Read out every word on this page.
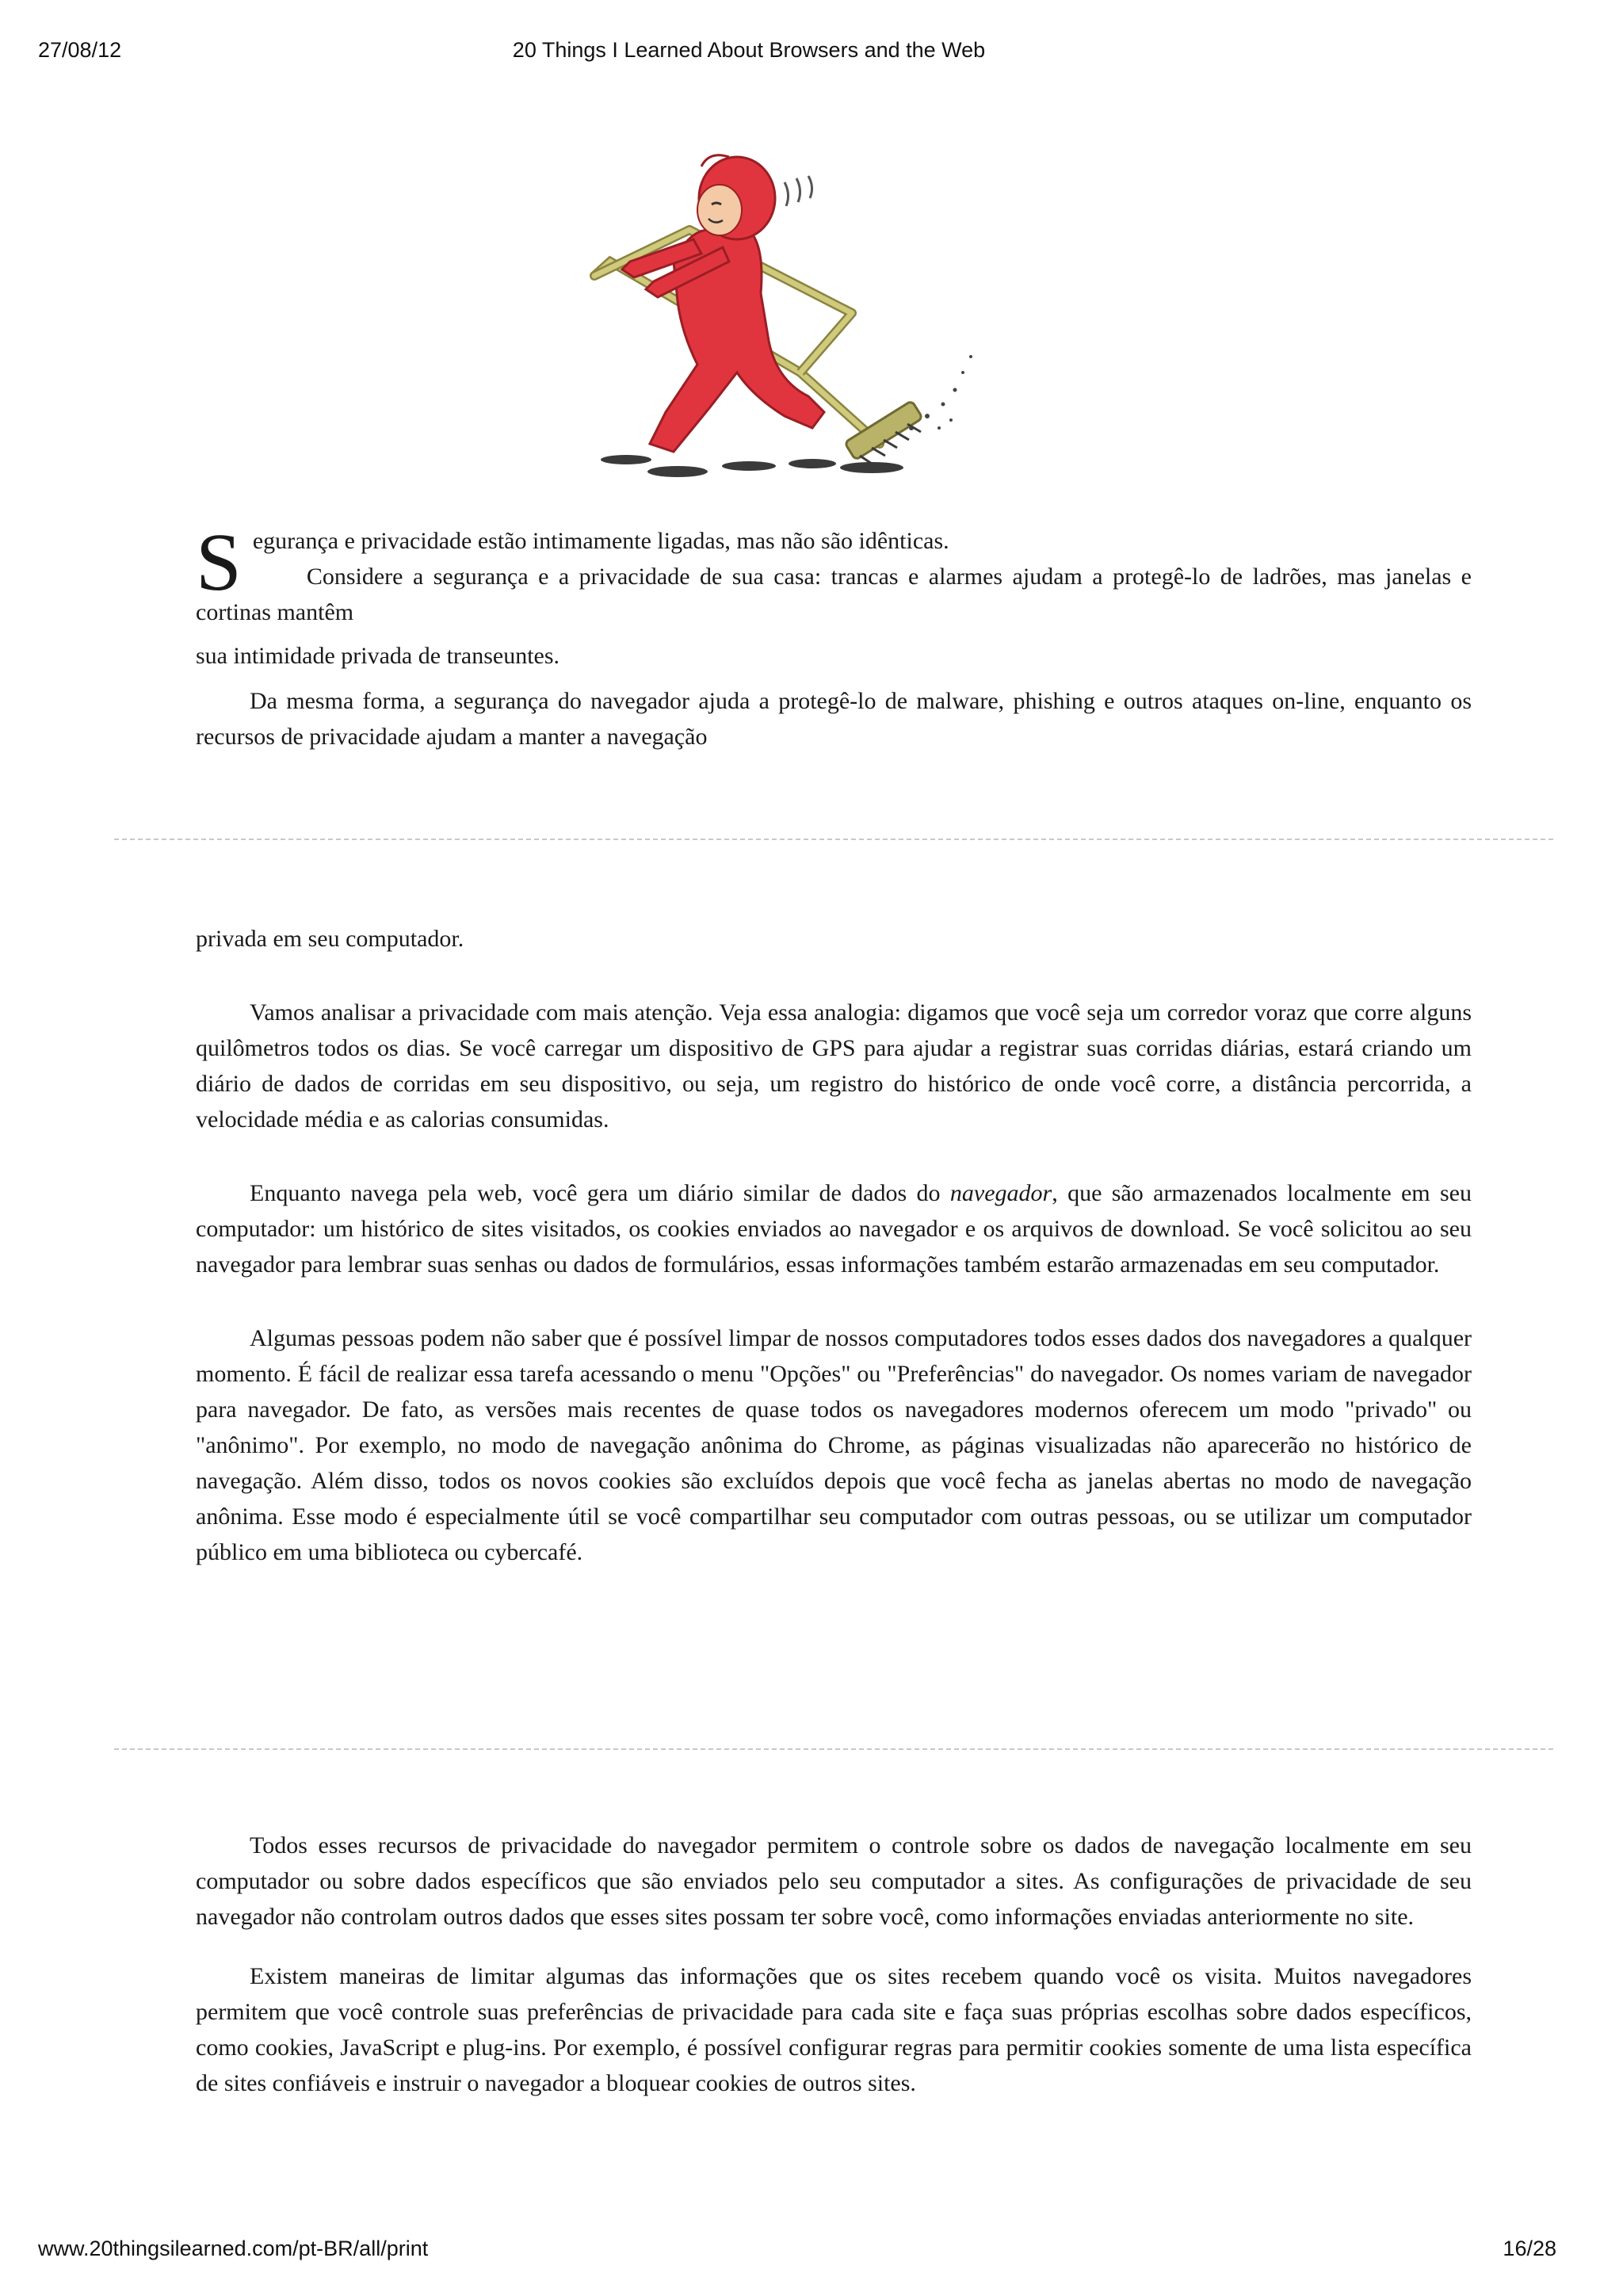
27/08/12	20 Things I Learned About Browsers and the Web

Segurança e privacidade estão intimamente ligadas, mas não são idênticas.

Considere a segurança e a privacidade de sua casa: trancas e alarmes ajudam a protegê-lo de ladrões, mas janelas e cortinas mantêm

sua intimidade privada de transeuntes.

Da mesma forma, a segurança do navegador ajuda a protegê-lo de malware, phishing e outros ataques on-line, enquanto os recursos de privacidade ajudam a manter a navegação

privada em seu computador.

Vamos analisar a privacidade com mais atenção. Veja essa analogia: digamos que você seja um corredor voraz que corre alguns quilômetros todos os dias. Se você carregar um dispositivo de GPS para ajudar a registrar suas corridas diárias, estará criando um diário de dados de corridas em seu dispositivo, ou seja, um registro do histórico de onde você corre, a distância percorrida, a velocidade média e as calorias consumidas.

Enquanto navega pela web, você gera um diário similar de dados do navegador, que são armazenados localmente em seu computador: um histórico de sites visitados, os cookies enviados ao navegador e os arquivos de download. Se você solicitou ao seu navegador para lembrar suas senhas ou dados de formulários, essas informações também estarão armazenadas em seu computador.

Algumas pessoas podem não saber que é possível limpar de nossos computadores todos esses dados dos navegadores a qualquer momento. É fácil de realizar essa tarefa acessando o menu "Opções" ou "Preferências" do navegador. Os nomes variam de navegador para navegador. De fato, as versões mais recentes de quase todos os navegadores modernos oferecem um modo "privado" ou "anônimo". Por exemplo, no modo de navegação anônima do Chrome, as páginas visualizadas não aparecerão no histórico de navegação. Além disso, todos os novos cookies são excluídos depois que você fecha as janelas abertas no modo de navegação anônima. Esse modo é especialmente útil se você compartilhar seu computador com outras pessoas, ou se utilizar um computador público em uma biblioteca ou cybercafé.

Todos esses recursos de privacidade do navegador permitem o controle sobre os dados de navegação localmente em seu computador ou sobre dados específicos que são enviados pelo seu computador a sites. As configurações de privacidade de seu navegador não controlam outros dados que esses sites possam ter sobre você, como informações enviadas anteriormente no site.

Existem maneiras de limitar algumas das informações que os sites recebem quando você os visita. Muitos navegadores permitem que você controle suas preferências de privacidade para cada site e faça suas próprias escolhas sobre dados específicos, como cookies, JavaScript e plug-ins. Por exemplo, é possível configurar regras para permitir cookies somente de uma lista específica de sites confiáveis e instruir o navegador a bloquear cookies de outros sites.

www.20thingsilearned.com/pt-BR/all/print	16/28
